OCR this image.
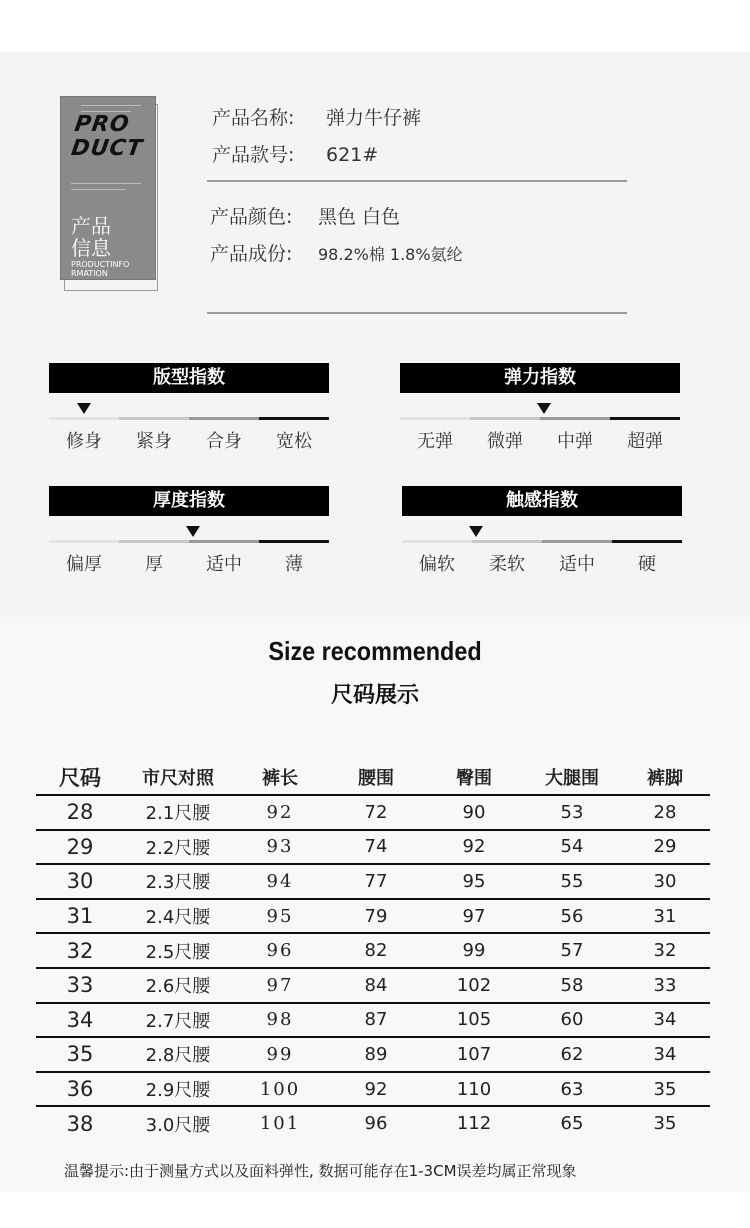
PRO
DUCT
产品
信息
PRODUCTINFO
RMATION
产品名称: 弹力牛仔裤
产品款号: 621#
产品颜色: 黑色 白色
产品成份: 98.2%棉 1.8%氨纶
版型指数
修身	紧身	合身	宽松
弹力指数
无弹	微弹	中弹	超弹
厚度指数
偏厚	厚	适中	薄
触感指数
偏软	柔软	适中	硬
Size recommended
尺码展示
尺码	市尺对照	裤长	腰围	臀围	大腿围	裤脚
28	2.1尺腰	92	72	90	53	28
29	2.2尺腰	93	74	92	54	29
30	2.3尺腰	94	77	95	55	30
31	2.4尺腰	95	79	97	56	31
32	2.5尺腰	96	82	99	57	32
33	2.6尺腰	97	84	102	58	33
34	2.7尺腰	98	87	105	60	34
35	2.8尺腰	99	89	107	62	34
36	2.9尺腰	100	92	110	63	35
38	3.0尺腰	101	96	112	65	35
温馨提示:由于测量方式以及面料弹性, 数据可能存在1-3CM误差均属正常现象
